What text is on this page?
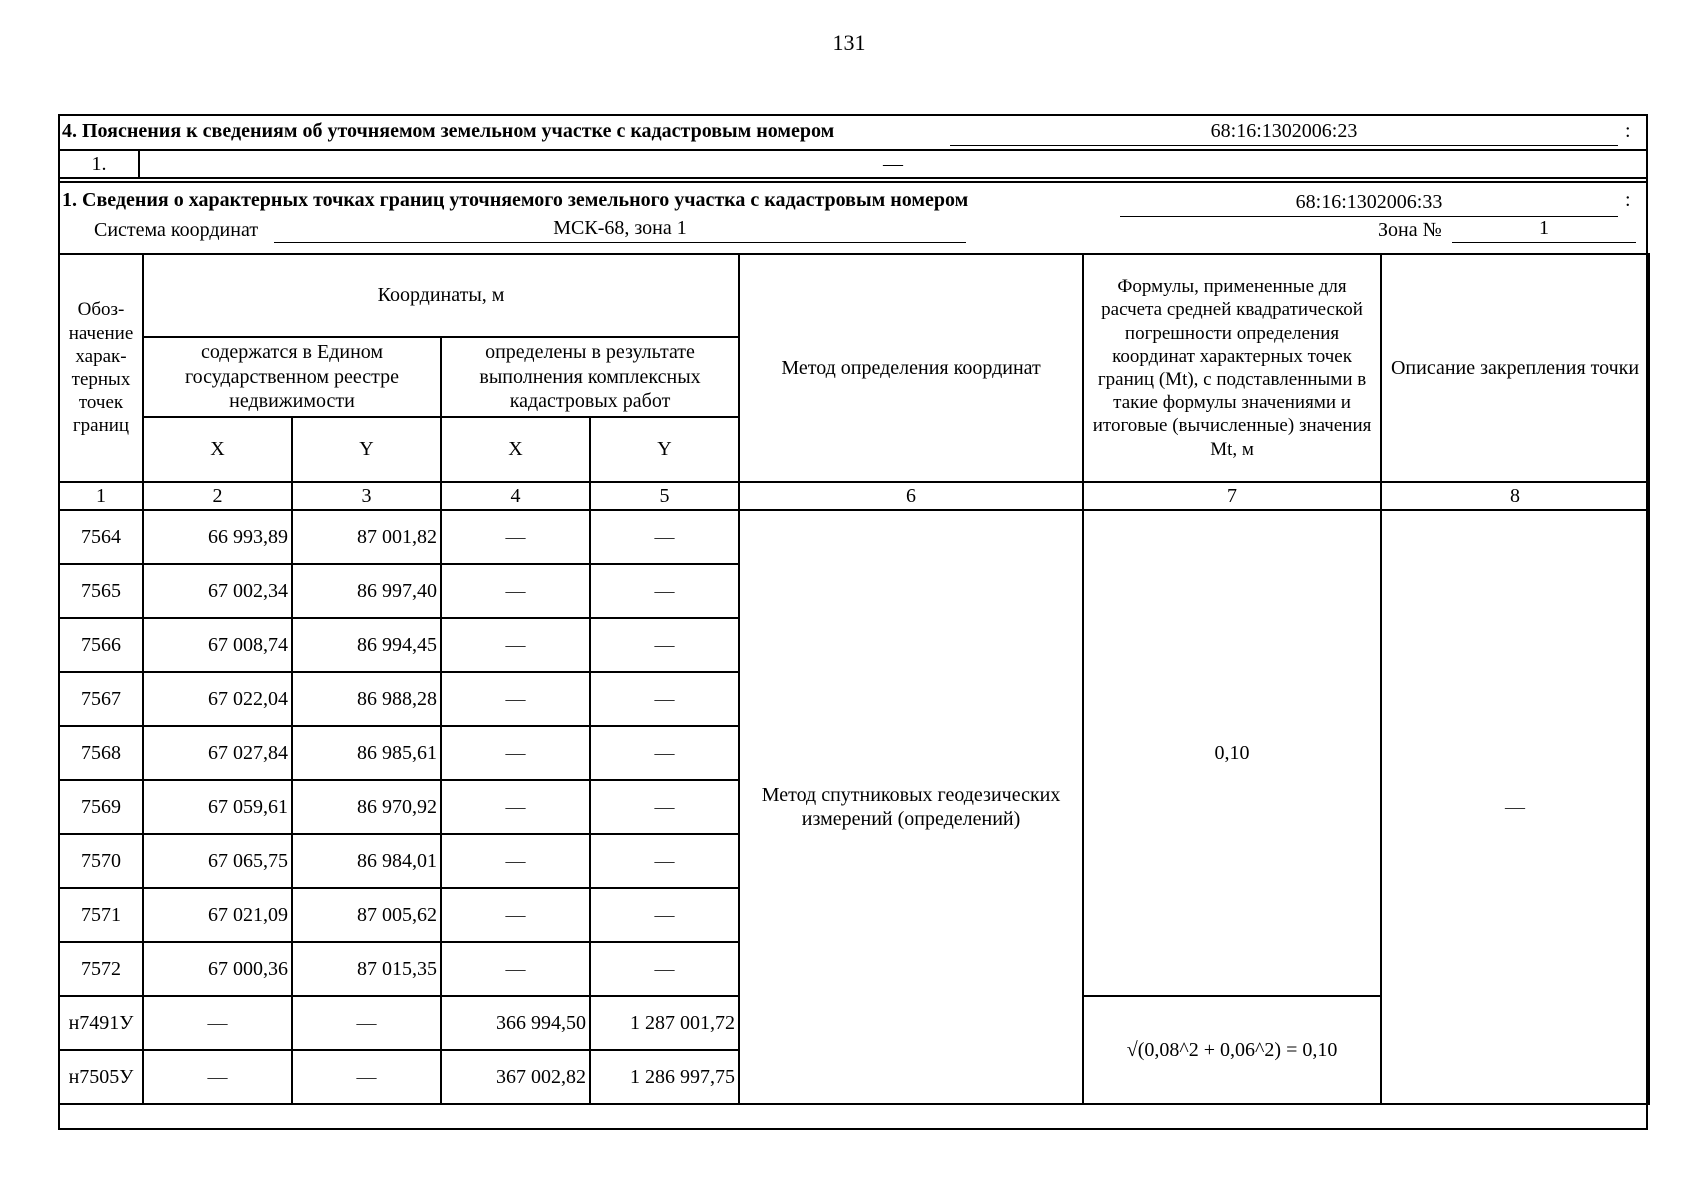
131
4. Пояснения к сведениям об уточняемом земельном участке с кадастровым номером	68:16:1302006:23	:
1.	—
1. Сведения о характерных точках границ уточняемого земельного участка с кадастровым номером	68:16:1302006:33	:
Система координат	МСК-68, зона 1	Зона №	1
Обоз-начение харак-терных точек границ	Координаты, м				Метод определения координат	Формулы, примененные для расчета средней квадратической погрешности определения координат характерных точек границ (Mt), с подставленными в такие формулы значениями и итоговые (вычисленные) значения Mt, м	Описание закрепления точки
	содержатся в Едином государственном реестре недвижимости		определены в результате выполнения комплексных кадастровых работ				
	X	Y	X	Y			
1	2	3	4	5	6	7	8
7564	66 993,89	87 001,82	—	—	Метод спутниковых геодезических измерений (определений)	0,10	—
7565	67 002,34	86 997,40	—	—			
7566	67 008,74	86 994,45	—	—			
7567	67 022,04	86 988,28	—	—			
7568	67 027,84	86 985,61	—	—			
7569	67 059,61	86 970,92	—	—			
7570	67 065,75	86 984,01	—	—			
7571	67 021,09	87 005,62	—	—			
7572	67 000,36	87 015,35	—	—			
н7491У	—	—	366 994,50	1 287 001,72		√(0,08^2 + 0,06^2) = 0,10	
н7505У	—	—	367 002,82	1 286 997,75			
